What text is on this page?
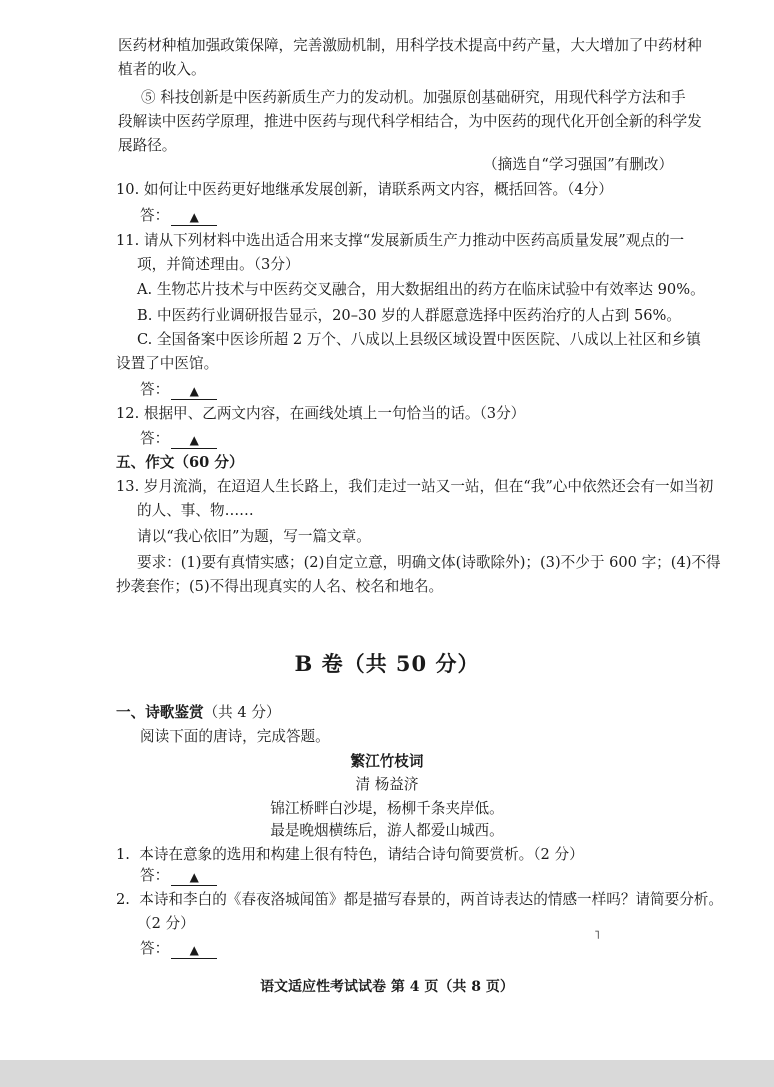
医药材种植加强政策保障，完善激励机制，用科学技术提高中药产量，大大增加了中药材种
植者的收入。
⑤ 科技创新是中医药新质生产力的发动机。加强原创基础研究，用现代科学方法和手
段解读中医药学原理，推进中医药与现代科学相结合，为中医药的现代化开创全新的科学发
展路径。
（摘选自“学习强国”有删改）
10. 如何让中医药更好地继承发展创新，请联系两文内容，概括回答。（4分）
答： ▲
11. 请从下列材料中选出适合用来支撑“发展新质生产力推动中医药高质量发展”观点的一
项，并简述理由。（3分）
A. 生物芯片技术与中医药交叉融合，用大数据组出的药方在临床试验中有效率达 90%。
B. 中医药行业调研报告显示，20–30 岁的人群愿意选择中医药治疗的人占到 56%。
C. 全国备案中医诊所超 2 万个、八成以上县级区域设置中医医院、八成以上社区和乡镇
设置了中医馆。
答： ▲
12. 根据甲、乙两文内容，在画线处填上一句恰当的话。（3分）
答： ▲
五、作文（60 分）
13. 岁月流淌，在迢迢人生长路上，我们走过一站又一站，但在“我”心中依然还会有一如当初
的人、事、物……
请以“我心依旧”为题，写一篇文章。
要求：(1)要有真情实感；(2)自定立意，明确文体(诗歌除外)；(3)不少于 600 字；(4)不得
抄袭套作；(5)不得出现真实的人名、校名和地名。
B 卷（共 50 分）
一、诗歌鉴赏（共 4 分）
阅读下面的唐诗，完成答题。
繁江竹枝词
清 杨益济
锦江桥畔白沙堤，杨柳千条夹岸低。
最是晚烟横练后，游人都爱山城西。
1. 本诗在意象的选用和构建上很有特色，请结合诗句简要赏析。（2 分）
答： ▲
2. 本诗和李白的《春夜洛城闻笛》都是描写春景的，两首诗表达的情感一样吗？请简要分析。
（2 分）
答： ▲
˥
语文适应性考试试卷 第 4 页（共 8 页）
